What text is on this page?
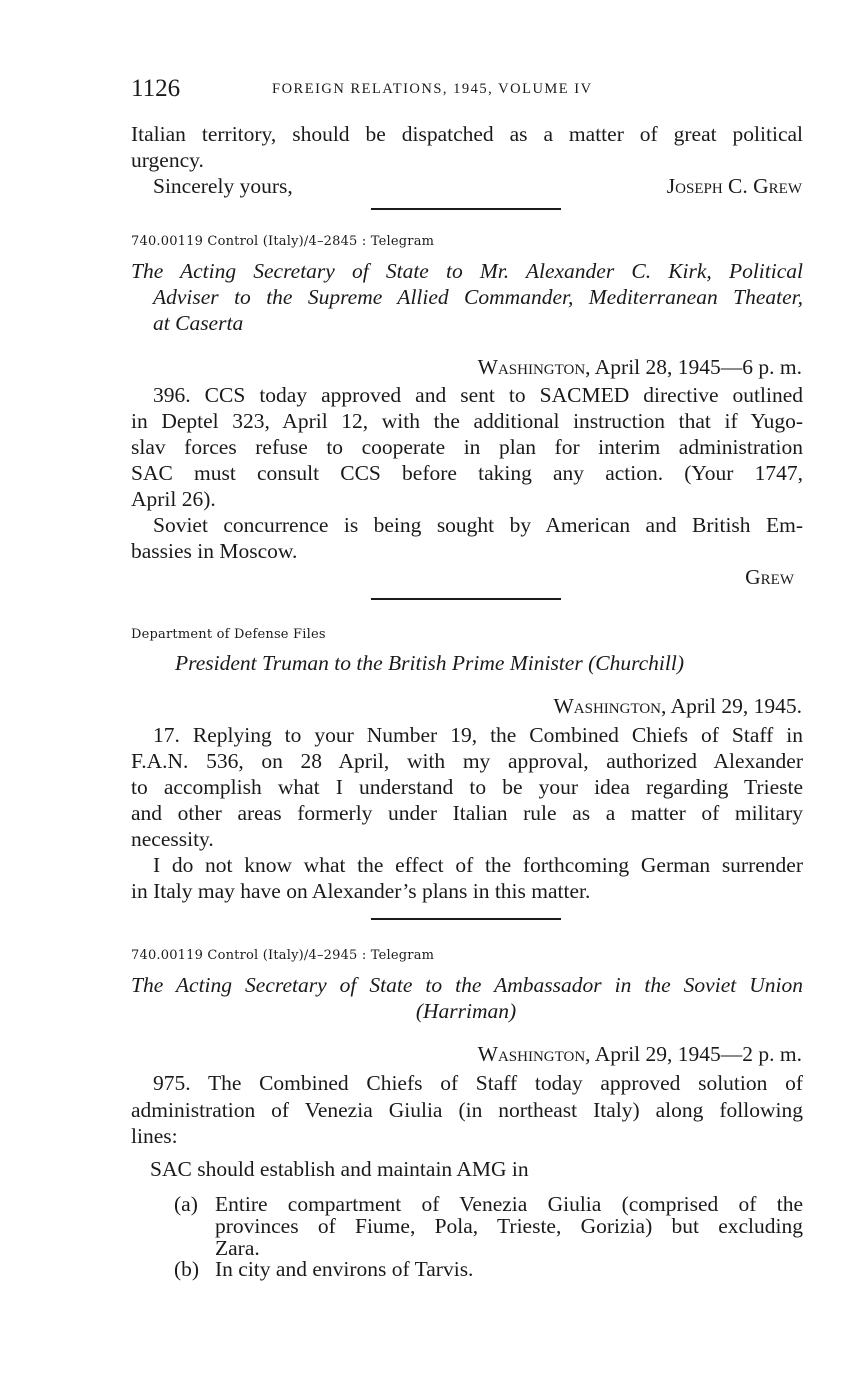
1126	FOREIGN RELATIONS, 1945, VOLUME IV
Italian territory, should be dispatched as a matter of great political
urgency.
Sincerely yours,	Joseph C. Grew
740.00119 Control (Italy)/4–2845 : Telegram
The Acting Secretary of State to Mr. Alexander C. Kirk, Political
Adviser to the Supreme Allied Commander, Mediterranean Theater,
at Caserta
Washington, April 28, 1945—6 p. m.
396. CCS today approved and sent to SACMED directive outlined
in Deptel 323, April 12, with the additional instruction that if Yugo-
slav forces refuse to cooperate in plan for interim administration
SAC must consult CCS before taking any action. (Your 1747,
April 26).
Soviet concurrence is being sought by American and British Em-
bassies in Moscow.
Grew
Department of Defense Files
President Truman to the British Prime Minister (Churchill)
Washington, April 29, 1945.
17. Replying to your Number 19, the Combined Chiefs of Staff in
F.A.N. 536, on 28 April, with my approval, authorized Alexander
to accomplish what I understand to be your idea regarding Trieste
and other areas formerly under Italian rule as a matter of military
necessity.
I do not know what the effect of the forthcoming German surrender
in Italy may have on Alexander’s plans in this matter.
740.00119 Control (Italy)/4–2945 : Telegram
The Acting Secretary of State to the Ambassador in the Soviet Union
(Harriman)
Washington, April 29, 1945—2 p. m.
975. The Combined Chiefs of Staff today approved solution of
administration of Venezia Giulia (in northeast Italy) along following
lines:
SAC should establish and maintain AMG in
(a) Entire compartment of Venezia Giulia (comprised of the
provinces of Fiume, Pola, Trieste, Gorizia) but excluding
Zara.
(b) In city and environs of Tarvis.
